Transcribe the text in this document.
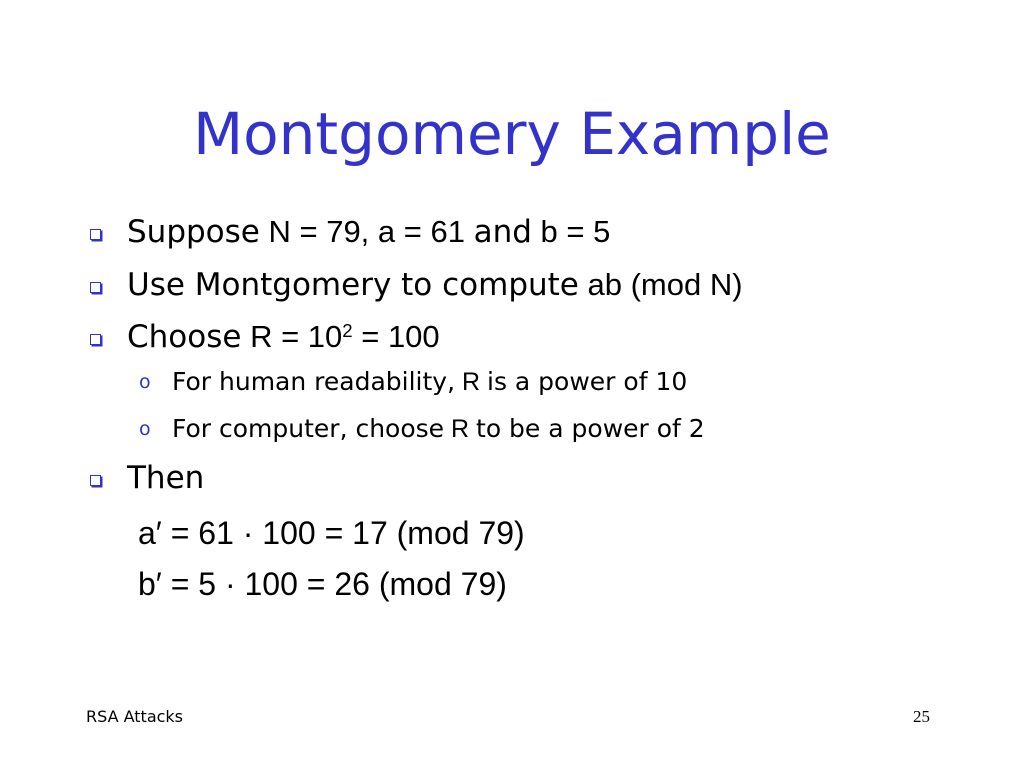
Montgomery Example
Suppose N = 79, a = 61 and b = 5
Use Montgomery to compute ab (mod N)
Choose $R = 10^2 = 100$
o For human readability, R is a power of 10
o For computer, choose R to be a power of 2
Then
a′ = 61 · 100 = 17 (mod 79)
b′ = 5 · 100 = 26 (mod 79)
RSA Attacks	25
